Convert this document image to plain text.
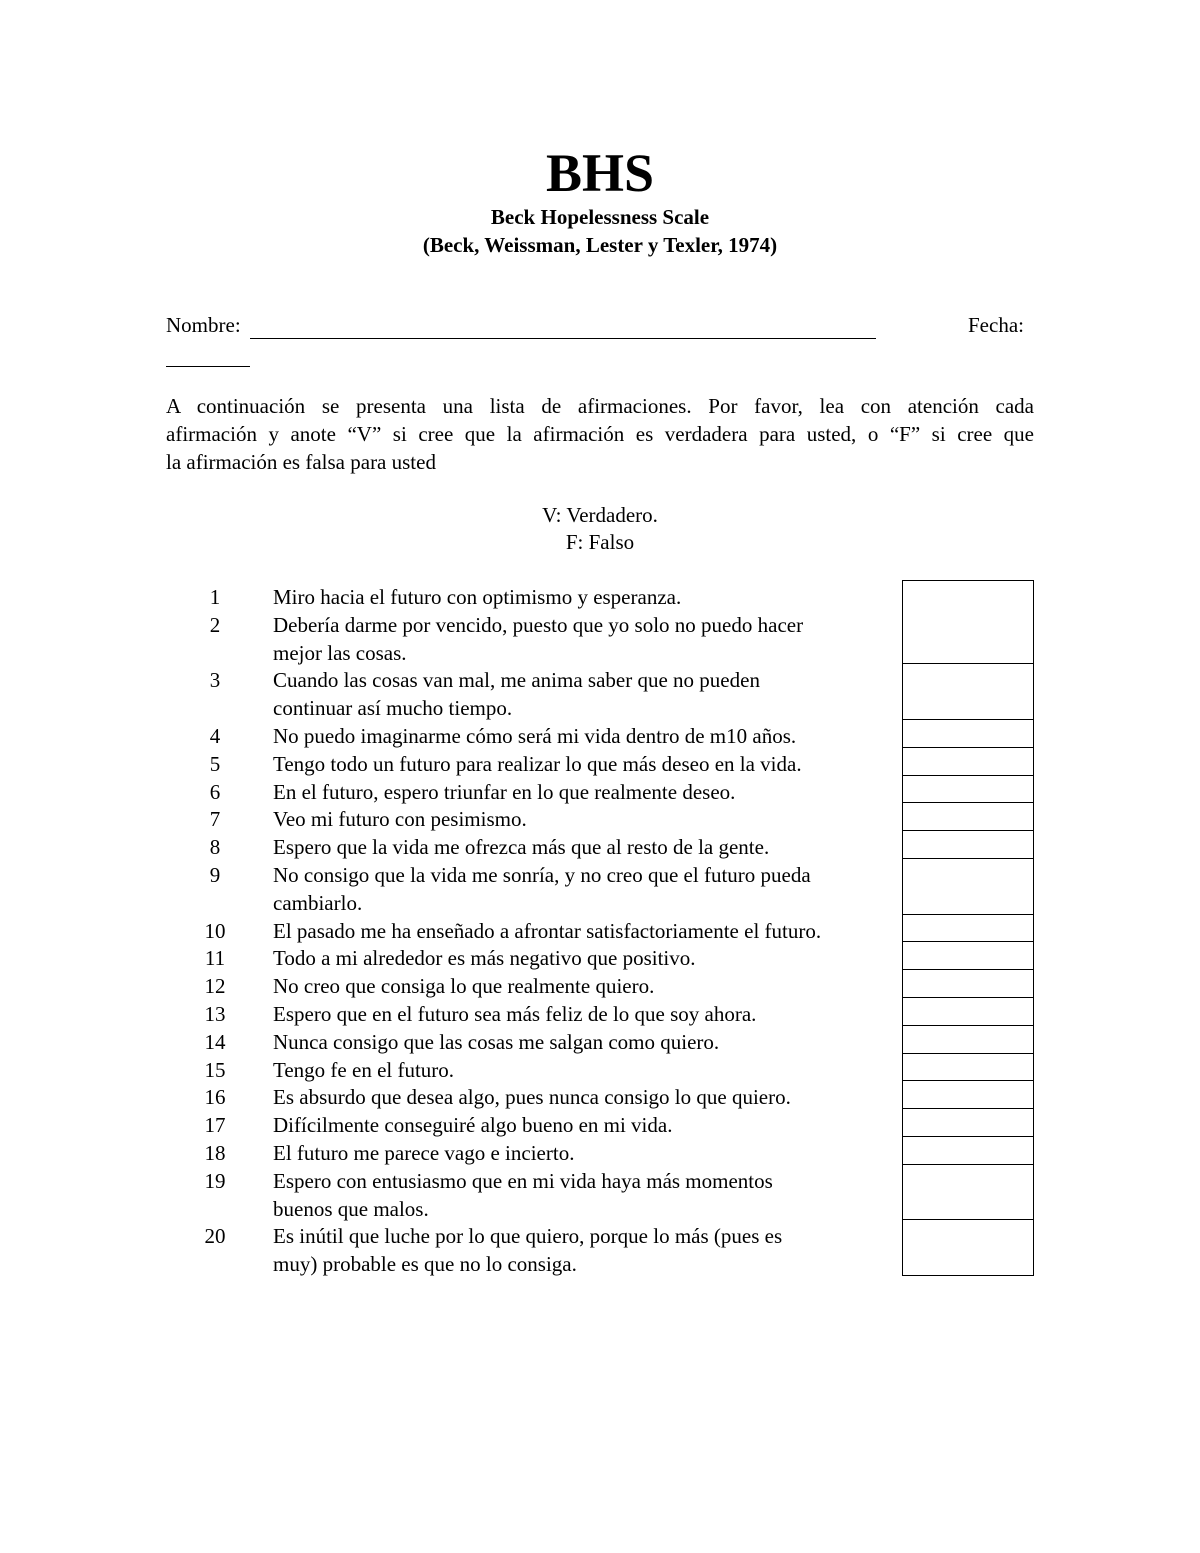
BHS
Beck Hopelessness Scale
(Beck, Weissman, Lester y Texler, 1974)
Nombre:	Fecha:
A continuación se presenta una lista de afirmaciones. Por favor, lea con atención cada
afirmación y anote “V” si cree que la afirmación es verdadera para usted, o “F” si cree que
la afirmación es falsa para usted
V: Verdadero.
F: Falso
1	Miro hacia el futuro con optimismo y esperanza.
2	Debería darme por vencido, puesto que yo solo no puedo hacer
mejor las cosas.
3	Cuando las cosas van mal, me anima saber que no pueden
continuar así mucho tiempo.
4	No puedo imaginarme cómo será mi vida dentro de m10 años.
5	Tengo todo un futuro para realizar lo que más deseo en la vida.
6	En el futuro, espero triunfar en lo que realmente deseo.
7	Veo mi futuro con pesimismo.
8	Espero que la vida me ofrezca más que al resto de la gente.
9	No consigo que la vida me sonría, y no creo que el futuro pueda
cambiarlo.
10	El pasado me ha enseñado a afrontar satisfactoriamente el futuro.
11	Todo a mi alrededor es más negativo que positivo.
12	No creo que consiga lo que realmente quiero.
13	Espero que en el futuro sea más feliz de lo que soy ahora.
14	Nunca consigo que las cosas me salgan como quiero.
15	Tengo fe en el futuro.
16	Es absurdo que desea algo, pues nunca consigo lo que quiero.
17	Difícilmente conseguiré algo bueno en mi vida.
18	El futuro me parece vago e incierto.
19	Espero con entusiasmo que en mi vida haya más momentos
buenos que malos.
20	Es inútil que luche por lo que quiero, porque lo más (pues es
muy) probable es que no lo consiga.
